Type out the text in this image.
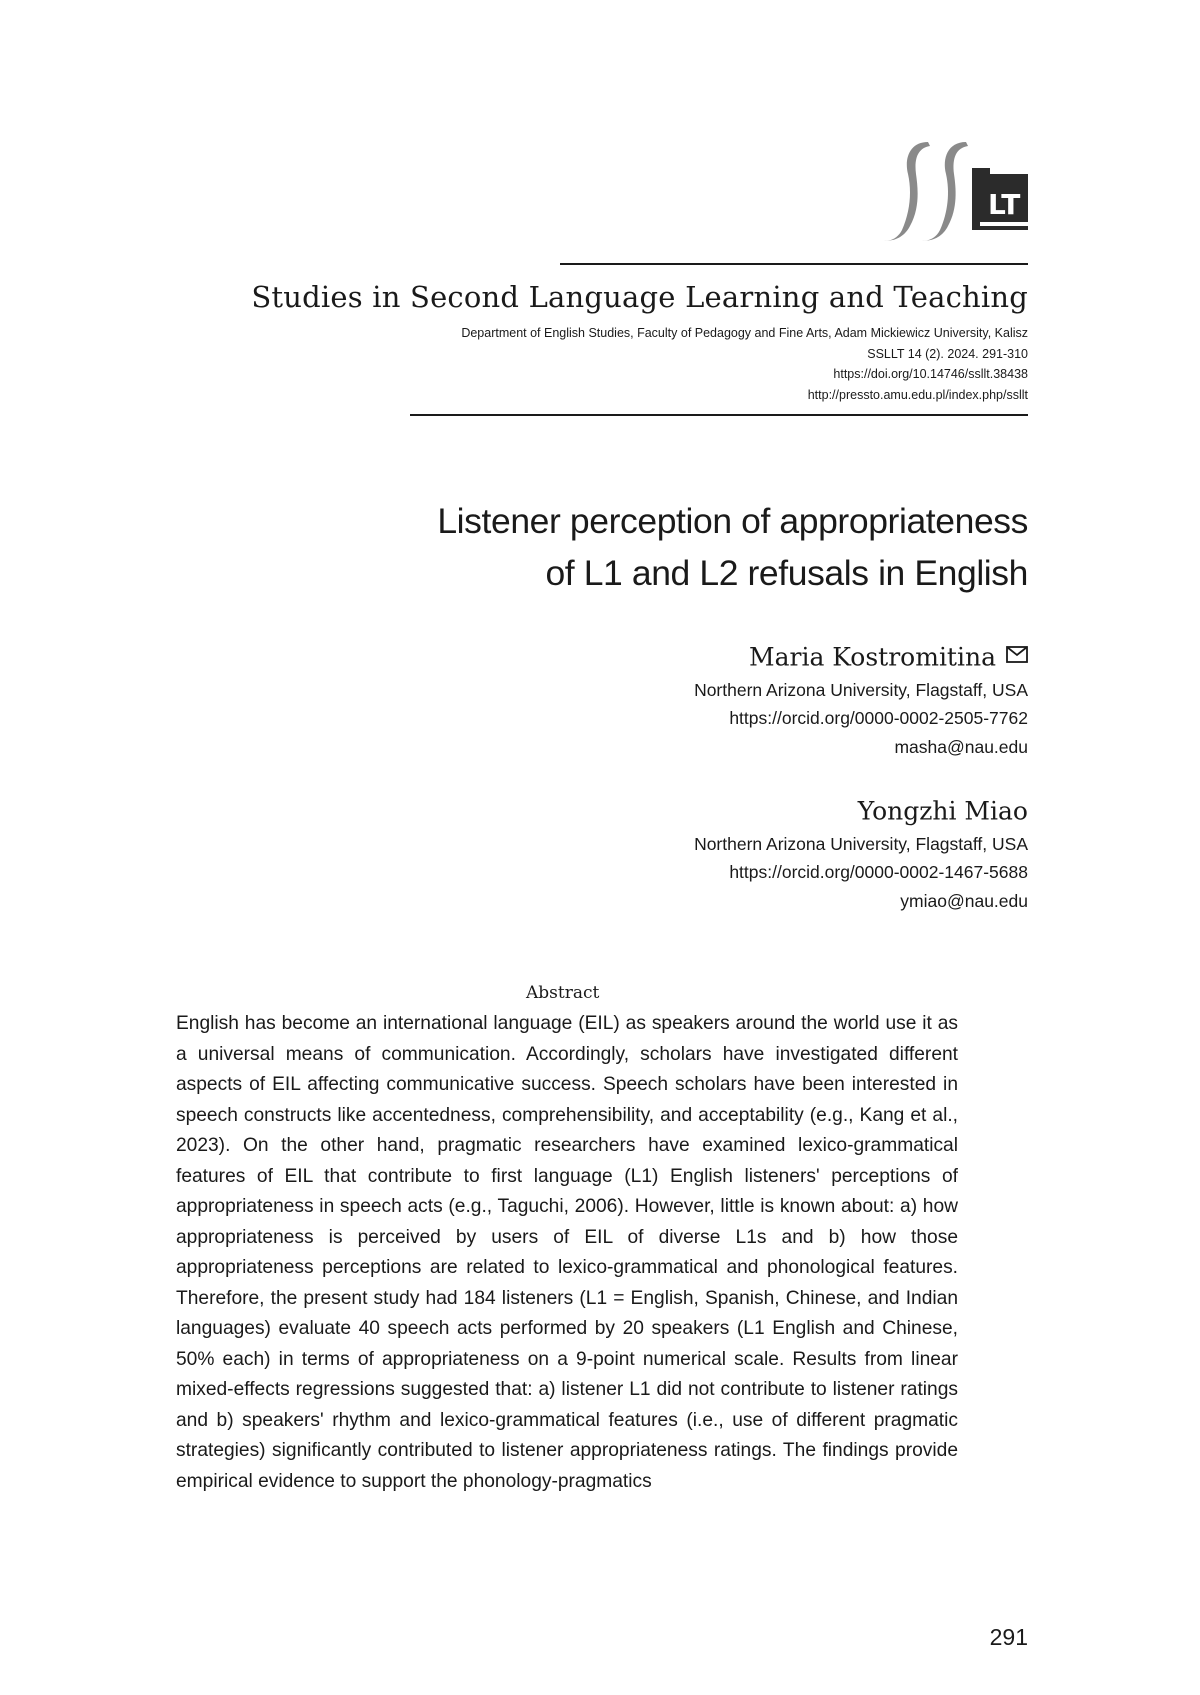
LT
Studies in Second Language Learning and Teaching
Department of English Studies, Faculty of Pedagogy and Fine Arts, Adam Mickiewicz University, Kalisz
SSLLT 14 (2). 2024. 291-310
https://doi.org/10.14746/ssllt.38438
http://pressto.amu.edu.pl/index.php/ssllt
Listener perception of appropriateness
of L1 and L2 refusals in English
Maria Kostromitina
Northern Arizona University, Flagstaff, USA
https://orcid.org/0000-0002-2505-7762
masha@nau.edu
Yongzhi Miao
Northern Arizona University, Flagstaff, USA
https://orcid.org/0000-0002-1467-5688
ymiao@nau.edu
Abstract
English has become an international language (EIL) as speakers around the world use it as a universal means of communication. Accordingly, scholars have investigated different aspects of EIL affecting communicative success. Speech scholars have been interested in speech constructs like accentedness, comprehensibility, and acceptability (e.g., Kang et al., 2023). On the other hand, pragmatic researchers have examined lexico-grammatical features of EIL that contribute to first language (L1) English listeners' perceptions of appropriateness in speech acts (e.g., Taguchi, 2006). However, little is known about: a) how appropriateness is perceived by users of EIL of diverse L1s and b) how those appropriateness perceptions are related to lexico-grammatical and phonological features. Therefore, the present study had 184 listeners (L1 = English, Spanish, Chinese, and Indian languages) evaluate 40 speech acts performed by 20 speakers (L1 English and Chinese, 50% each) in terms of appropriateness on a 9-point numerical scale. Results from linear mixed-effects regressions suggested that: a) listener L1 did not contribute to listener ratings and b) speakers' rhythm and lexico-grammatical features (i.e., use of different pragmatic strategies) significantly contributed to listener appropriateness ratings. The findings provide empirical evidence to support the phonology-pragmatics
291
